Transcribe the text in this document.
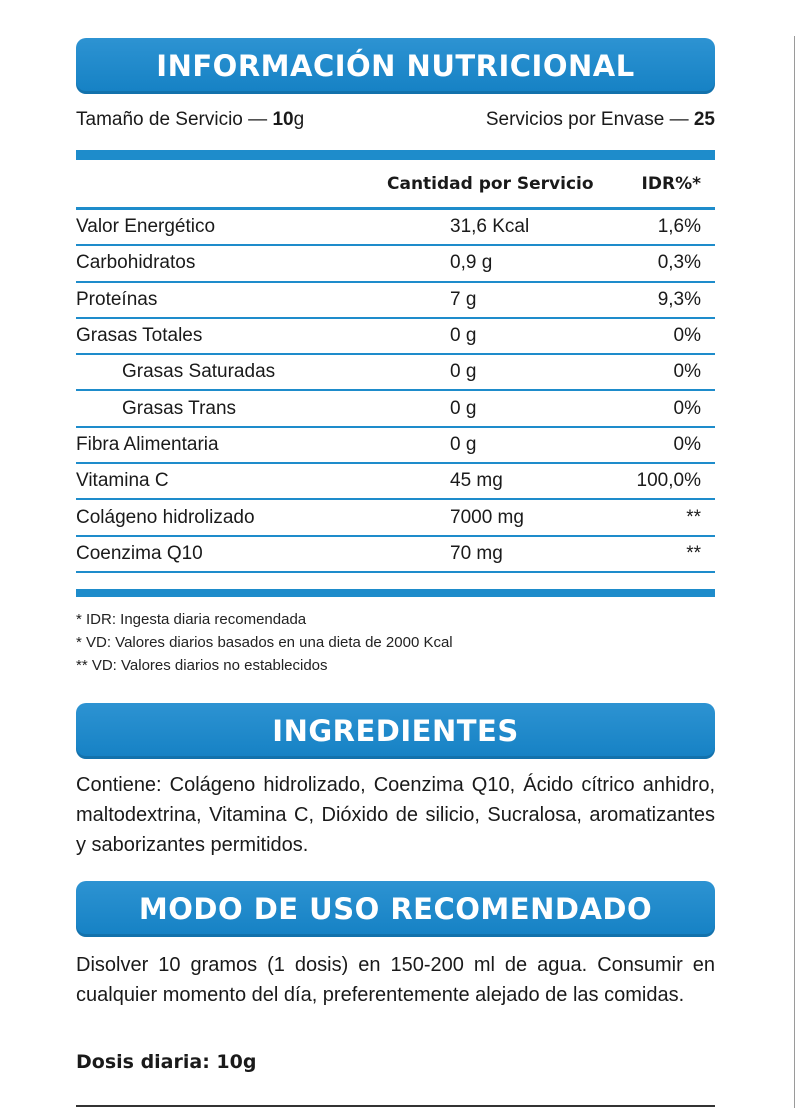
INFORMACIÓN NUTRICIONAL
Tamaño de Servicio — 10g	Servicios por Envase — 25
Cantidad por Servicio	IDR%*
Valor Energético	31,6 Kcal	1,6%
Carbohidratos	0,9 g	0,3%
Proteínas	7 g	9,3%
Grasas Totales	0 g	0%
Grasas Saturadas	0 g	0%
Grasas Trans	0 g	0%
Fibra Alimentaria	0 g	0%
Vitamina C	45 mg	100,0%
Colágeno hidrolizado	7000 mg	**
Coenzima Q10	70 mg	**
* IDR: Ingesta diaria recomendada
* VD: Valores diarios basados en una dieta de 2000 Kcal
** VD: Valores diarios no establecidos
INGREDIENTES
Contiene: Colágeno hidrolizado, Coenzima Q10, Ácido cítrico anhidro, maltodextrina, Vitamina C, Dióxido de silicio, Sucralosa, aromatizantes y saborizantes permitidos.
MODO DE USO RECOMENDADO
Disolver 10 gramos (1 dosis) en 150-200 ml de agua. Consumir en cualquier momento del día, preferentemente alejado de las comidas.
Dosis diaria: 10g
